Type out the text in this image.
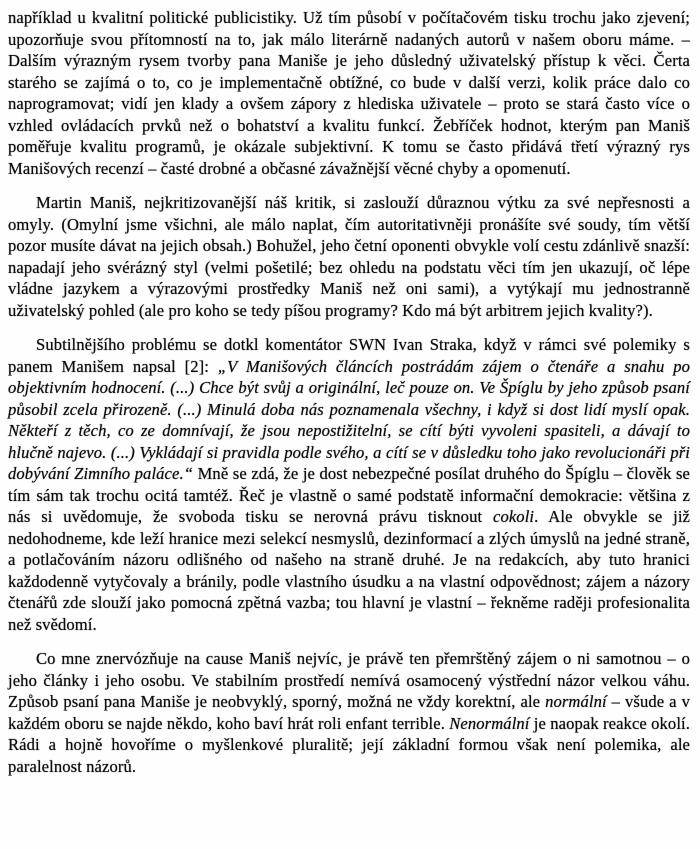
například u kvalitní politické publicistiky. Už tím působí v počítačovém tisku trochu jako zjevení; upozorňuje svou přítomností na to, jak málo literárně nadaných autorů v našem oboru máme. – Dalším výrazným rysem tvorby pana Maniše je jeho důsledný uživatelský přístup k věci. Čerta starého se zajímá o to, co je implementačně obtížné, co bude v další verzi, kolik práce dalo co naprogramovat; vidí jen klady a ovšem zápory z hlediska uživatele – proto se stará často více o vzhled ovládacích prvků než o bohatství a kvalitu funkcí. Žebříček hodnot, kterým pan Maniš poměřuje kvalitu programů, je okázale subjektivní. K tomu se často přidává třetí výrazný rys Manišových recenzí – časté drobné a občasné závažnější věcné chyby a opomenutí.

Martin Maniš, nejkritizovanější náš kritik, si zaslouží důraznou výtku za své nepřesnosti a omyly. (Omylní jsme všichni, ale málo naplat, čím autoritativněji pronášíte své soudy, tím větší pozor musíte dávat na jejich obsah.) Bohužel, jeho četní oponenti obvykle volí cestu zdánlivě snazší: napadají jeho svérázný styl (velmi pošetilé; bez ohledu na podstatu věci tím jen ukazují, oč lépe vládne jazykem a výrazovými prostředky Maniš než oni sami), a vytýkají mu jednostranně uživatelský pohled (ale pro koho se tedy píšou programy? Kdo má být arbitrem jejich kvality?).

Subtilnějšího problému se dotkl komentátor SWN Ivan Straka, když v rámci své polemiky s panem Manišem napsal [2]: „V Manišových článcích postrádám zájem o čtenáře a snahu po objektivním hodnocení. (...) Chce být svůj a originální, leč pouze on. Ve Špíglu by jeho způsob psaní působil zcela přirozeně. (...) Minulá doba nás poznamenala všechny, i když si dost lidí myslí opak. Někteří z těch, co ze domnívají, že jsou nepostižitelní, se cítí býti vyvoleni spasiteli, a dávají to hlučně najevo. (...) Vykládají si pravidla podle svého, a cítí se v důsledku toho jako revolucionáři při dobývání Zimního paláce.“ Mně se zdá, že je dost nebezpečné posílat druhého do Špíglu – člověk se tím sám tak trochu ocitá tamtéž. Řeč je vlastně o samé podstatě informační demokracie: většina z nás si uvědomuje, že svoboda tisku se nerovná právu tisknout cokoli. Ale obvykle se již nedohodneme, kde leží hranice mezi selekcí nesmyslů, dezinformací a zlých úmyslů na jedné straně, a potlačováním názoru odlišného od našeho na straně druhé. Je na redakcích, aby tuto hranici každodenně vytyčovaly a bránily, podle vlastního úsudku a na vlastní odpovědnost; zájem a názory čtenářů zde slouží jako pomocná zpětná vazba; tou hlavní je vlastní – řekněme raději profesionalita než svědomí.

Co mne znervózňuje na cause Maniš nejvíc, je právě ten přemrštěný zájem o ni samotnou – o jeho články i jeho osobu. Ve stabilním prostředí nemívá osamocený výstřední názor velkou váhu. Způsob psaní pana Maniše je neobvyklý, sporný, možná ne vždy korektní, ale normální – všude a v každém oboru se najde někdo, koho baví hrát roli enfant terrible. Nenormální je naopak reakce okolí. Rádi a hojně hovoříme o myšlenkové pluralitě; její základní formou však není polemika, ale paralelnost názorů.
